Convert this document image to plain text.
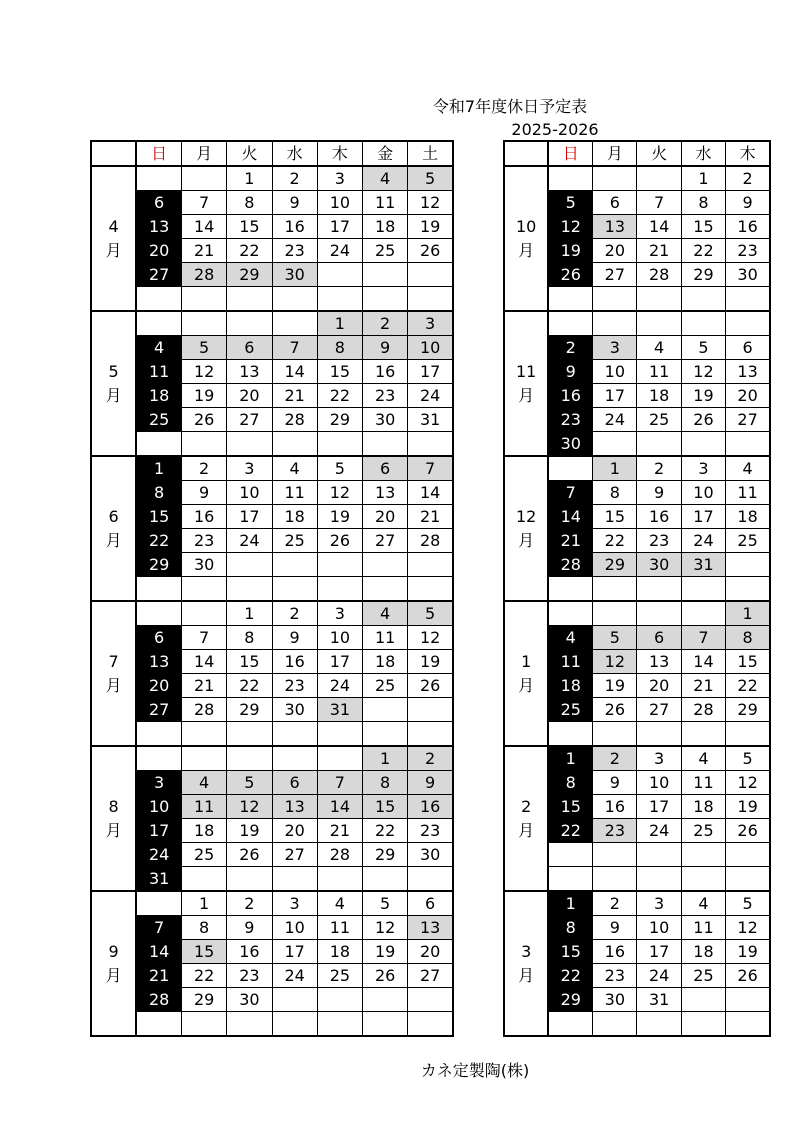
令和7年度休日予定表
2025-2026
	日	月	火	水	木	金	土

4
月			1	2	3	4	5
	6	7	8	9	10	11	12
	13	14	15	16	17	18	19
	20	21	22	23	24	25	26
	27	28	29	30			

5
月					1	2	3
	4	5	6	7	8	9	10
	11	12	13	14	15	16	17
	18	19	20	21	22	23	24
	25	26	27	28	29	30	31

6
月	1	2	3	4	5	6	7
	8	9	10	11	12	13	14
	15	16	17	18	19	20	21
	22	23	24	25	26	27	28
	29	30					

7
月			1	2	3	4	5
	6	7	8	9	10	11	12
	13	14	15	16	17	18	19
	20	21	22	23	24	25	26
	27	28	29	30	31		

8
月						1	2
	3	4	5	6	7	8	9
	10	11	12	13	14	15	16
	17	18	19	20	21	22	23
	24	25	26	27	28	29	30
	31						

9
月		1	2	3	4	5	6
	7	8	9	10	11	12	13
	14	15	16	17	18	19	20
	21	22	23	24	25	26	27
	28	29	30				

	日	月	火	水	木

10
月				1	2
	5	6	7	8	9
	12	13	14	15	16
	19	20	21	22	23
	26	27	28	29	30

11
月					

	2	3	4	5	6
	9	10	11	12	13
	16	17	18	19	20
	23	24	25	26	27
	30				

12
月		1	2	3	4
	7	8	9	10	11
	14	15	16	17	18
	21	22	23	24	25
	28	29	30	31	

1
月					1
	4	5	6	7	8
	11	12	13	14	15
	18	19	20	21	22
	25	26	27	28	29

2
月	1	2	3	4	5
	8	9	10	11	12
	15	16	17	18	19
	22	23	24	25	26

3
月	1	2	3	4	5
	8	9	10	11	12
	15	16	17	18	19
	22	23	24	25	26
	29	30	31		

カネ定製陶(株)
